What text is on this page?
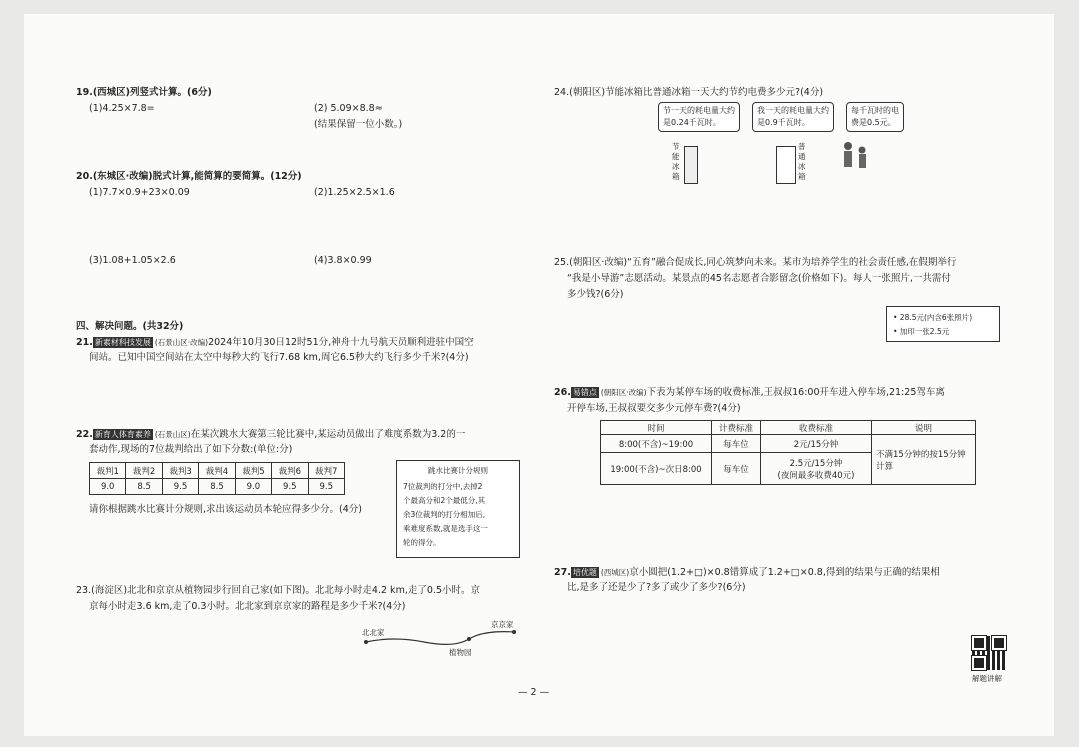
19.(西城区)列竖式计算。(6分)
(1)4.25×7.8=	(2) 5.09×8.8≈
(结果保留一位小数。)
20.(东城区·改编)脱式计算,能简算的要简算。(12分)
(1)7.7×0.9+23×0.09	(2)1.25×2.5×1.6
(3)1.08+1.05×2.6	(4)3.8×0.99
四、解决问题。(共32分)
21. 新素材科技发展 (石景山区·改编)2024年10月30日12时51分,神舟十九号航天员顺利进驻中国空
间站。已知中国空间站在太空中每秒大约飞行7.68 km,周它6.5秒大约飞行多少千米?(4分)
22. 新育人体育素养 (石景山区)在某次跳水大赛第三轮比赛中,某运动员做出了难度系数为3.2的一
套动作,现场的7位裁判给出了如下分数:(单位:分)
裁判1	裁判2	裁判3	裁判4	裁判5	裁判6	裁判7
9.0	8.5	9.5	8.5	9.0	9.5	9.5
请你根据跳水比赛计分规则,求出该运动员本轮应得多少分。(4分)
跳水比赛计分规则
7位裁判的打分中,去掉2
个最高分和2个最低分,其
余3位裁判的打分相加后,
乘难度系数,就是选手这一
轮的得分。
23.(海淀区)北北和京京从植物园步行回自己家(如下图)。北北每小时走4.2 km,走了0.5小时。京
京每小时走3.6 km,走了0.3小时。北北家到京京家的路程是多少千米?(4分)
北北家
京京家
植物园
24.(朝阳区)节能冰箱比普通冰箱一天大约节约电费多少元?(4分)
节一天的耗电量大约
是0.24千瓦时。
我一天的耗电量大约
是0.9千瓦时。
每千瓦时的电
费是0.5元。
节能冰箱
普通冰箱
25.(朝阳区·改编)“五育”融合促成长,同心筑梦向未来。某市为培养学生的社会责任感,在假期举行
“我是小导游”志愿活动。某景点的45名志愿者合影留念(价格如下)。每人一张照片,一共需付
多少钱?(6分)
• 28.5元(内含6张照片)
• 加印一张2.5元
26. 易错点 (朝阳区·改编)下表为某停车场的收费标准,王叔叔16:00开车进入停车场,21:25驾车离
开停车场,王叔叔要交多少元停车费?(4分)
时间	计费标准	收费标准	说明
8:00(不含)~19:00	每车位	2元/15分钟	不满15分钟的按15分钟
计算

19:00(不含)~次日8:00	每车位	2.5元/15分钟
(夜间最多收费40元)	
27. 培优题 (西城区)京小圆把(1.2+□)×0.8错算成了1.2+□×0.8,得到的结果与正确的结果相
比,是多了还是少了?多了或少了多少?(6分)
解题讲解
— 2 —
